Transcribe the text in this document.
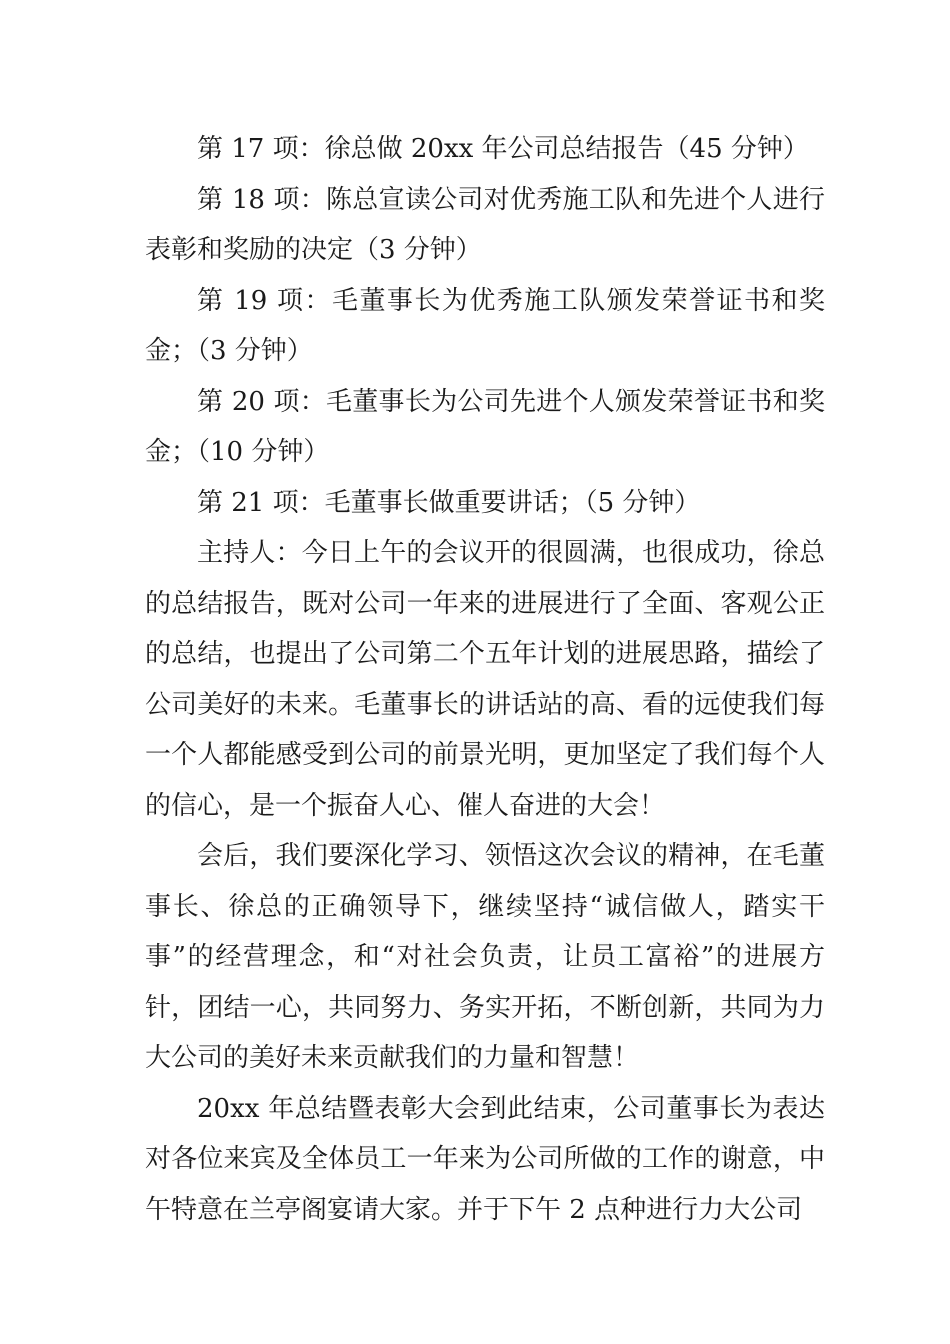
第 17 项：徐总做 20xx 年公司总结报告（45 分钟）

第 18 项：陈总宣读公司对优秀施工队和先进个人进行表彰和奖励的决定（3 分钟）

第 19 项：毛董事长为优秀施工队颁发荣誉证书和奖金；（3 分钟）

第 20 项：毛董事长为公司先进个人颁发荣誉证书和奖金；（10 分钟）

第 21 项：毛董事长做重要讲话；（5 分钟）

主持人：今日上午的会议开的很圆满，也很成功，徐总的总结报告，既对公司一年来的进展进行了全面、客观公正的总结，也提出了公司第二个五年计划的进展思路，描绘了公司美好的未来。毛董事长的讲话站的高、看的远使我们每一个人都能感受到公司的前景光明，更加坚定了我们每个人的信心，是一个振奋人心、催人奋进的大会！

会后，我们要深化学习、领悟这次会议的精神，在毛董事长、徐总的正确领导下，继续坚持“诚信做人，踏实干事”的经营理念，和“对社会负责，让员工富裕”的进展方针，团结一心，共同努力、务实开拓，不断创新，共同为力大公司的美好未来贡献我们的力量和智慧！

20xx 年总结暨表彰大会到此结束，公司董事长为表达对各位来宾及全体员工一年来为公司所做的工作的谢意，中午特意在兰亭阁宴请大家。并于下午 2 点种进行力大公司
